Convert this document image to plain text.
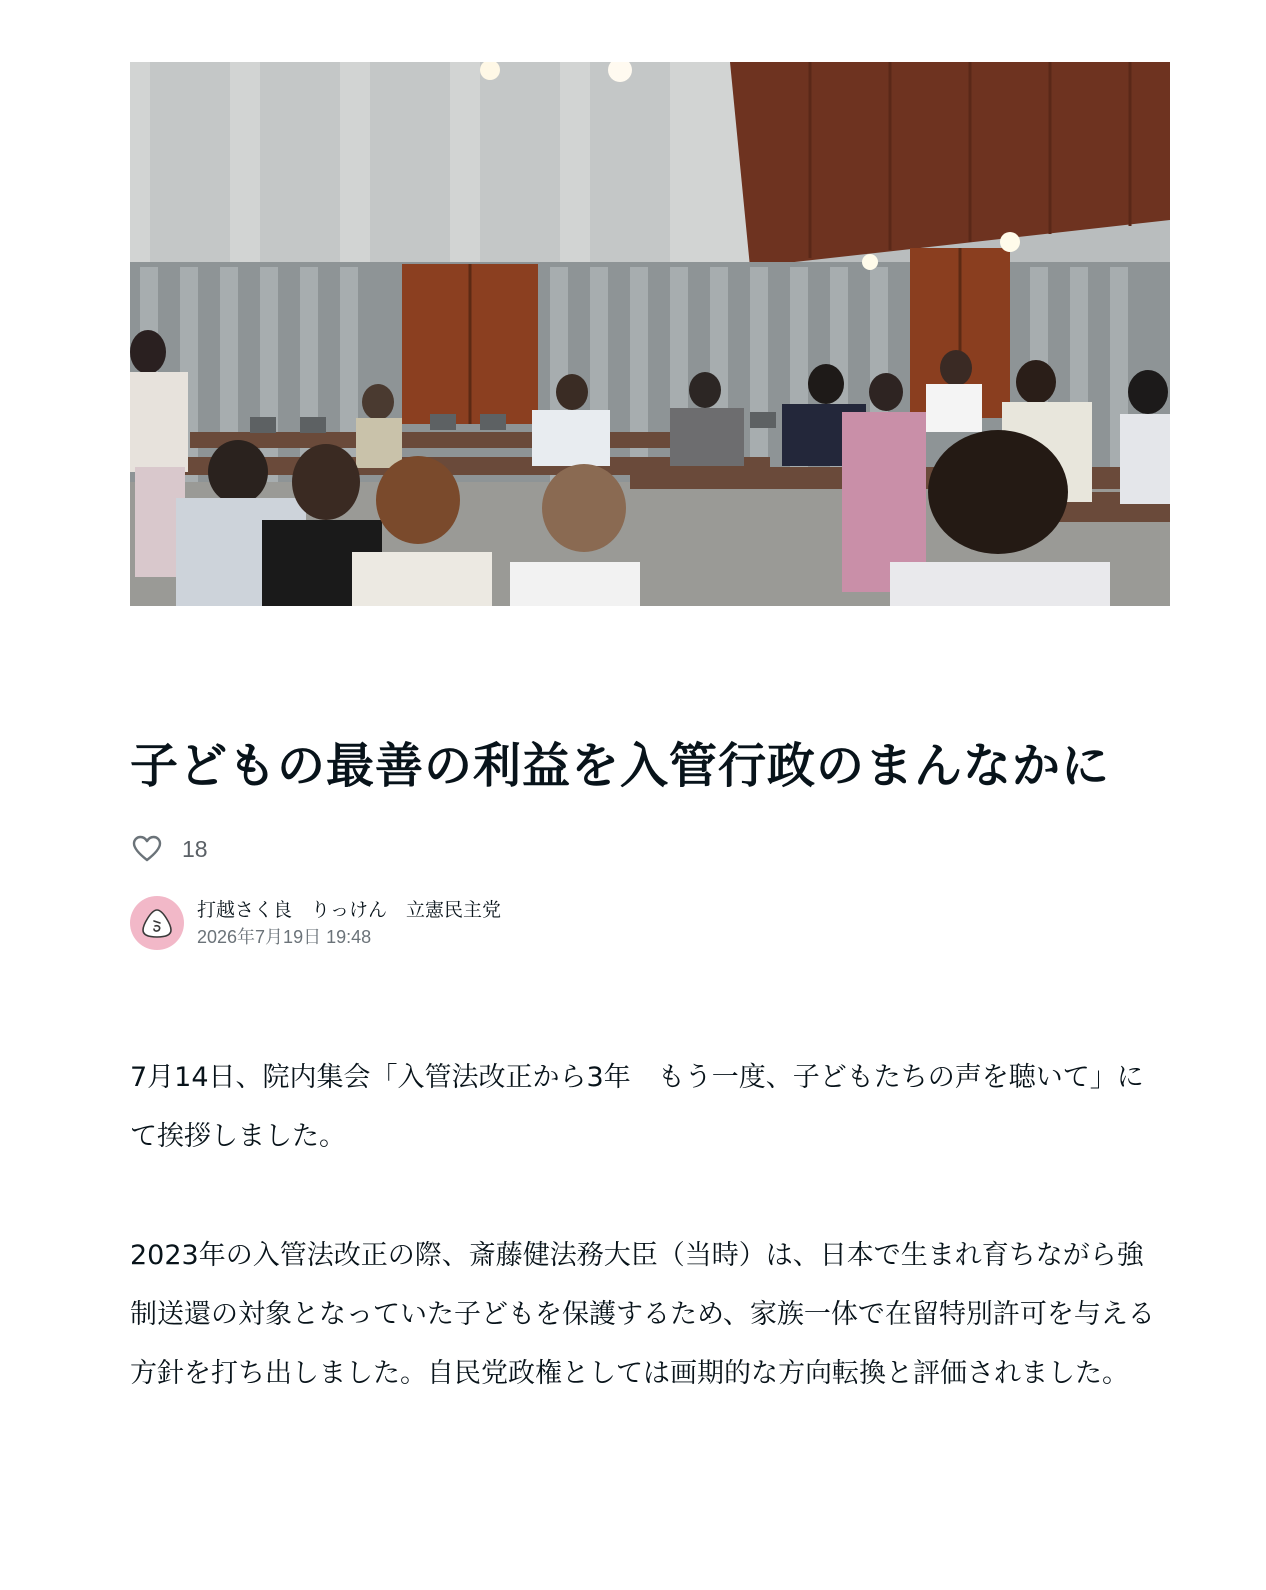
子どもの最善の利益を入管行政のまんなかに
18
打越さく良　りっけん　立憲民主党
2026年7月19日 19:48

7月14日、院内集会「入管法改正から3年　もう一度、子どもたちの声を聴いて」にて挨拶しました。

2023年の入管法改正の際、斎藤健法務大臣（当時）は、日本で生まれ育ちながら強制送還の対象となっていた子どもを保護するため、家族一体で在留特別許可を与える方針を打ち出しました。自民党政権としては画期的な方向転換と評価されました。
